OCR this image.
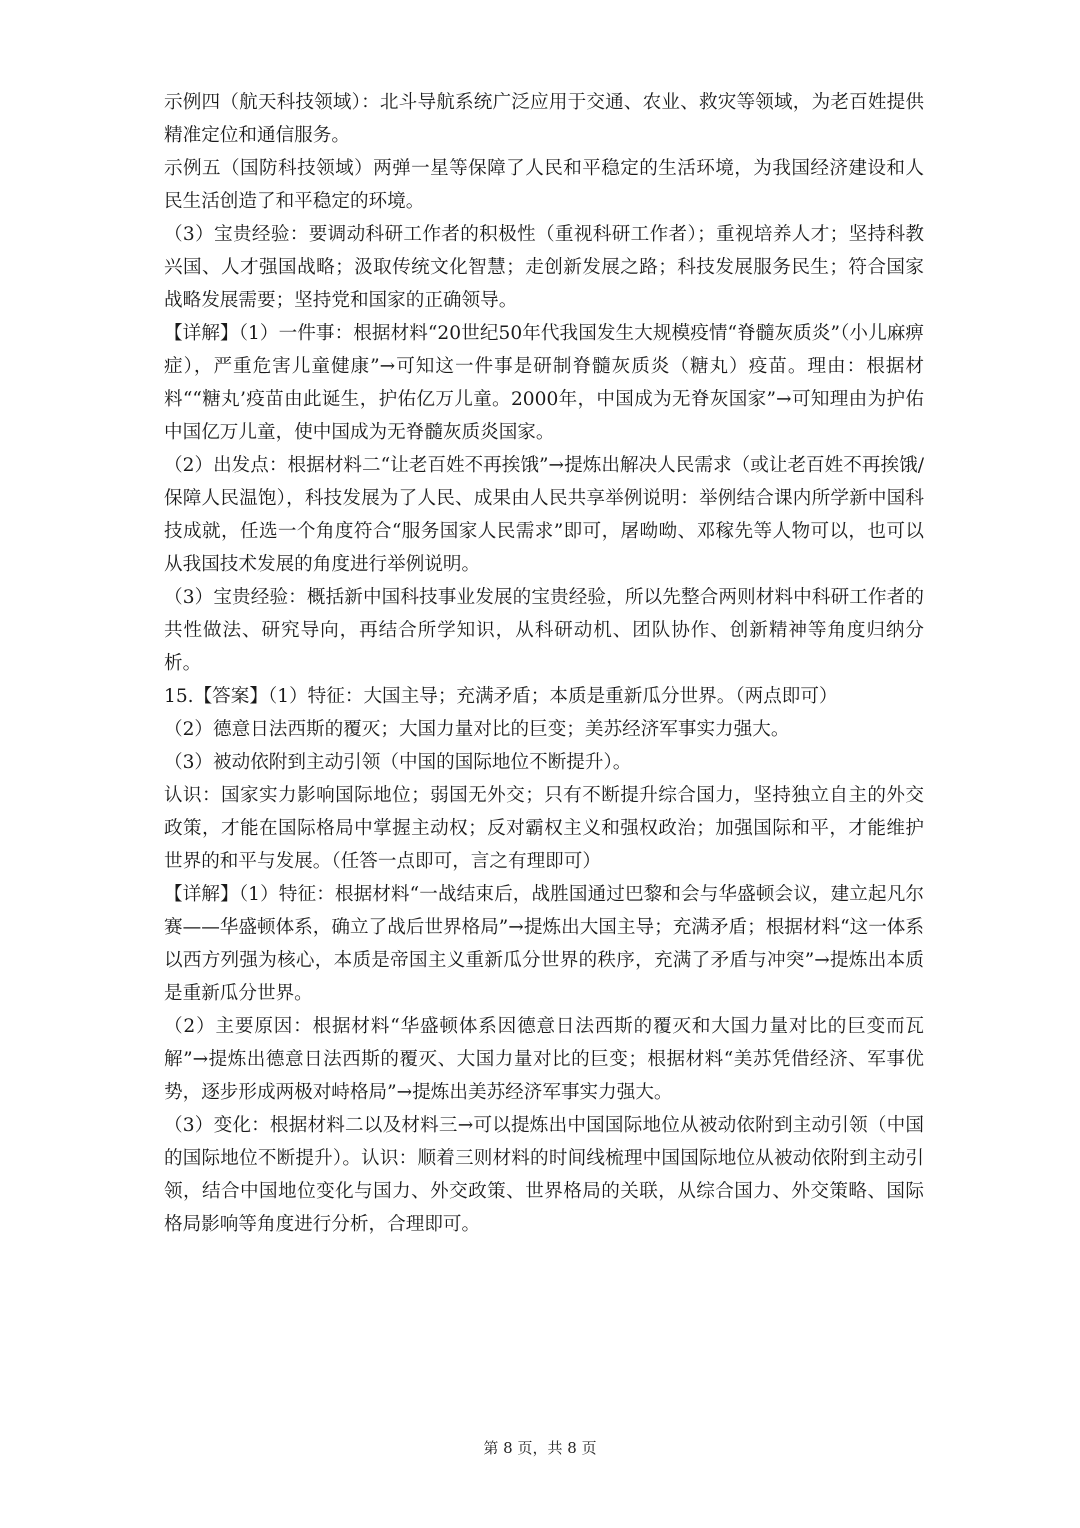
示例四（航天科技领域）：北斗导航系统广泛应用于交通、农业、救灾等领域，为老百姓提供精准定位和通信服务。

示例五（国防科技领域）两弹一星等保障了人民和平稳定的生活环境，为我国经济建设和人民生活创造了和平稳定的环境。

（3）宝贵经验：要调动科研工作者的积极性（重视科研工作者）；重视培养人才；坚持科教兴国、人才强国战略；汲取传统文化智慧；走创新发展之路；科技发展服务民生；符合国家战略发展需要；坚持党和国家的正确领导。

【详解】（1）一件事：根据材料“20世纪50年代我国发生大规模疫情“脊髓灰质炎”（小儿麻痹症），严重危害儿童健康”→可知这一件事是研制脊髓灰质炎（糖丸）疫苗。理由：根据材料““糖丸’疫苗由此诞生，护佑亿万儿童。2000年，中国成为无脊灰国家”→可知理由为护佑中国亿万儿童，使中国成为无脊髓灰质炎国家。

（2）出发点：根据材料二“让老百姓不再挨饿”→提炼出解决人民需求（或让老百姓不再挨饿/保障人民温饱），科技发展为了人民、成果由人民共享举例说明：举例结合课内所学新中国科技成就，任选一个角度符合“服务国家人民需求”即可，屠呦呦、邓稼先等人物可以，也可以从我国技术发展的角度进行举例说明。

（3）宝贵经验：概括新中国科技事业发展的宝贵经验，所以先整合两则材料中科研工作者的共性做法、研究导向，再结合所学知识，从科研动机、团队协作、创新精神等角度归纳分析。

15.【答案】（1）特征：大国主导；充满矛盾；本质是重新瓜分世界。（两点即可）

（2）德意日法西斯的覆灭；大国力量对比的巨变；美苏经济军事实力强大。

（3）被动依附到主动引领（中国的国际地位不断提升）。

认识：国家实力影响国际地位；弱国无外交；只有不断提升综合国力，坚持独立自主的外交政策，才能在国际格局中掌握主动权；反对霸权主义和强权政治；加强国际和平，才能维护世界的和平与发展。（任答一点即可，言之有理即可）

【详解】（1）特征：根据材料“一战结束后，战胜国通过巴黎和会与华盛顿会议，建立起凡尔赛——华盛顿体系，确立了战后世界格局”→提炼出大国主导；充满矛盾；根据材料“这一体系以西方列强为核心，本质是帝国主义重新瓜分世界的秩序，充满了矛盾与冲突”→提炼出本质是重新瓜分世界。

（2）主要原因：根据材料“华盛顿体系因德意日法西斯的覆灭和大国力量对比的巨变而瓦解”→提炼出德意日法西斯的覆灭、大国力量对比的巨变；根据材料“美苏凭借经济、军事优势，逐步形成两极对峙格局”→提炼出美苏经济军事实力强大。

（3）变化：根据材料二以及材料三→可以提炼出中国国际地位从被动依附到主动引领（中国的国际地位不断提升）。认识：顺着三则材料的时间线梳理中国国际地位从被动依附到主动引领，结合中国地位变化与国力、外交政策、世界格局的关联，从综合国力、外交策略、国际格局影响等角度进行分析，合理即可。

第 8 页，共 8 页
